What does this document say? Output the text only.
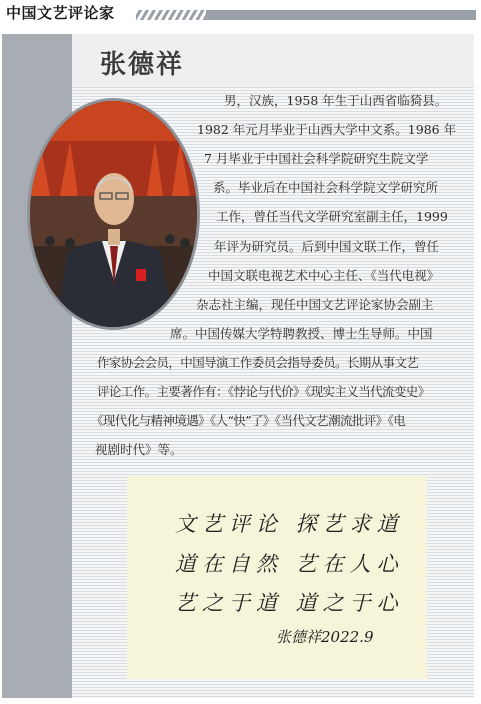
中国文艺评论家
张德祥
男，汉族，1958 年生于山西省临猗县。
1982 年元月毕业于山西大学中文系。1986 年
7 月毕业于中国社会科学院研究生院文学
系。毕业后在中国社会科学院文学研究所
工作，曾任当代文学研究室副主任，1999
年评为研究员。后到中国文联工作，曾任
中国文联电视艺术中心主任、《当代电视》
杂志社主编，现任中国文艺评论家协会副主
席。中国传媒大学特聘教授、博士生导师。中国
作家协会会员，中国导演工作委员会指导委员。长期从事文艺
评论工作。主要著作有：《悖论与代价》《现实主义当代流变史》
《现代化与精神境遇》《人“快”了》《当代文艺潮流批评》《电
视剧时代》等。
文艺评论 探艺求道
道在自然 艺在人心
艺之于道 道之于心
张德祥2022.9
